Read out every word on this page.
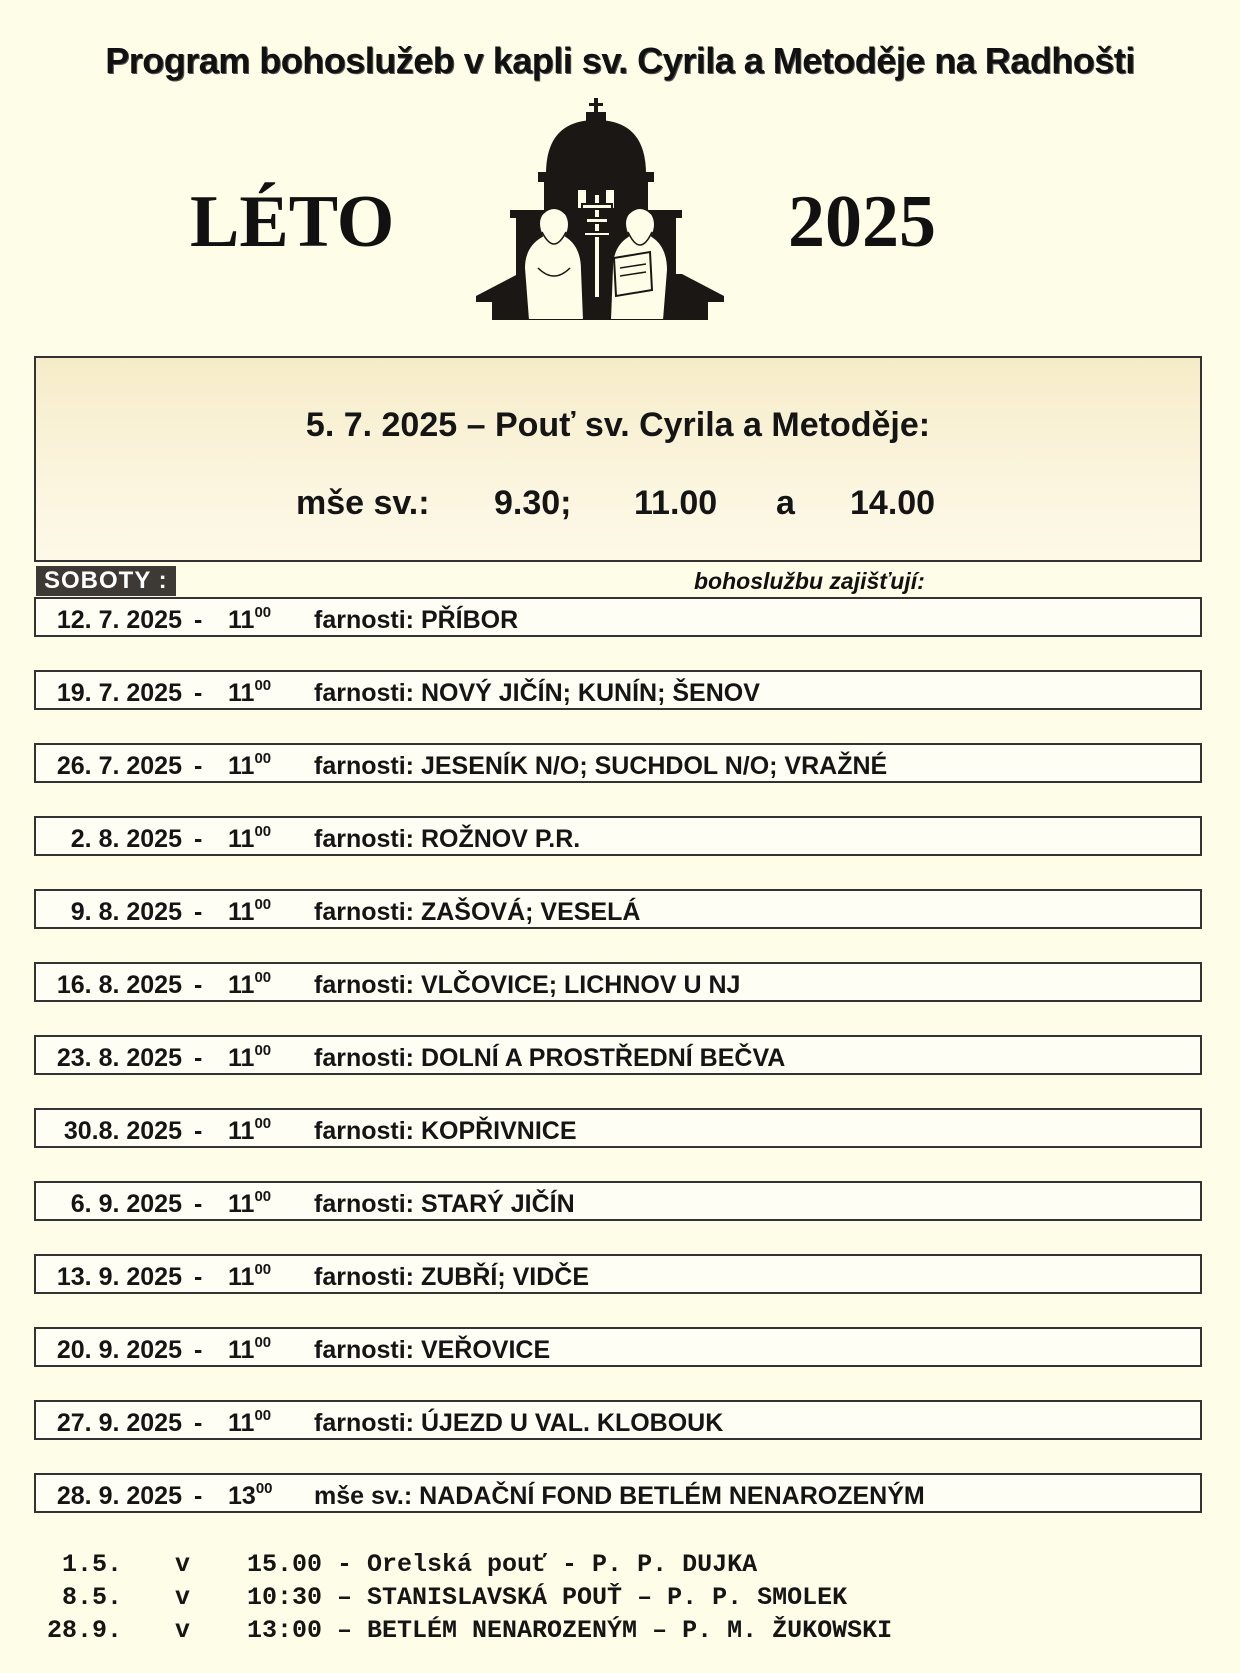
Program bohoslužeb v kapli sv. Cyrila a Metoděje na Radhošti
LÉTO	2025
5. 7. 2025 – Pouť sv. Cyrila a Metoděje:
mše sv.: 9.30; 11.00 a 14.00
SOBOTY :	bohoslužbu zajišťují:
12. 7. $2025 - 11^{00}$ farnosti: PŘÍBOR
19. 7. $2025 - 11^{00}$ farnosti: NOVÝ JIČÍN; KUNÍN; ŠENOV
26. 7. $2025 - 11^{00}$ farnosti: JESENÍK N/O; SUCHDOL N/O; VRAŽNÉ
2. 8. $2025 - 11^{00}$ farnosti: ROŽNOV P.R.
9. 8. $2025 - 11^{00}$ farnosti: ZAŠOVÁ; VESELÁ
16. 8. $2025 - 11^{00}$ farnosti: VLČOVICE; LICHNOV U NJ
23. 8. $2025 - 11^{00}$ farnosti: DOLNÍ A PROSTŘEDNÍ BEČVA
30.8. $2025 - 11^{00}$ farnosti: KOPŘIVNICE
6. 9. $2025 - 11^{00}$ farnosti: STARÝ JIČÍN
13. 9. $2025 - 11^{00}$ farnosti: ZUBŘÍ; VIDČE
20. 9. $2025 - 11^{00}$ farnosti: VEŘOVICE
27. 9. $2025 - 11^{00}$ farnosti: ÚJEZD U VAL. KLOBOUK
28. 9. $2025 - 13^{00}$ mše sv.: NADAČNÍ FOND BETLÉM NENAROZENÝM
1.5. v 15.00 - Orelská pouť - P. P. DUJKA
8.5. v 10:30 – STANISLAVSKÁ POUŤ – P. P. SMOLEK
28.9. v 13:00 – BETLÉM NENAROZENÝM – P. M. ŽUKOWSKI
